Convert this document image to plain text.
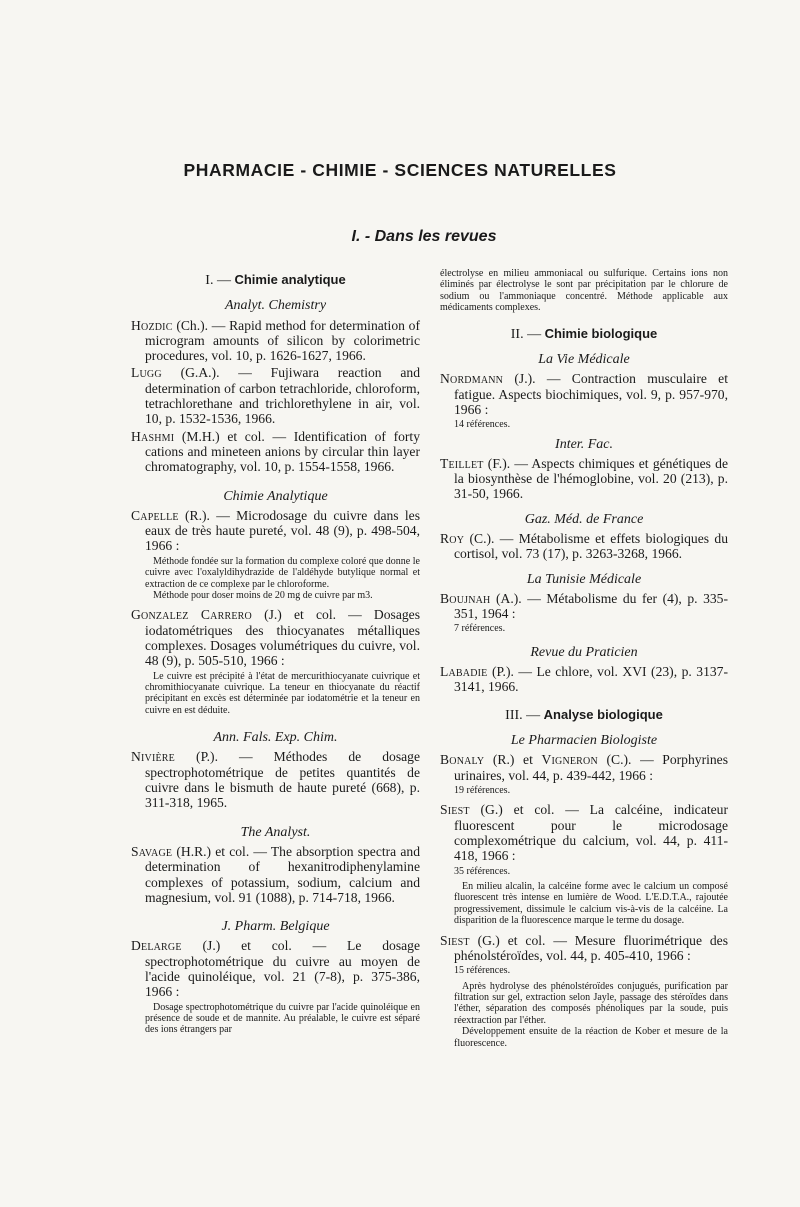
PHARMACIE - CHIMIE - SCIENCES NATURELLES
I. - Dans les revues
I. — Chimie analytique
Analyt. Chemistry

Hozdic (Ch.). — Rapid method for determination of microgram amounts of silicon by colorimetric procedures, vol. 10, p. 1626-1627, 1966.

Lugg (G.A.). — Fujiwara reaction and determination of carbon tetrachloride, chloroform, tetrachlorethane and trichlorethylene in air, vol. 10, p. 1532-1536, 1966.

Hashmi (M.H.) et col. — Identification of forty cations and mineteen anions by circular thin layer chromatography, vol. 10, p. 1554-1558, 1966.

Chimie Analytique

Capelle (R.). — Microdosage du cuivre dans les eaux de très haute pureté, vol. 48 (9), p. 498-504, 1966 :

Méthode fondée sur la formation du complexe coloré que donne le cuivre avec l'oxalyldihydrazide de l'aldéhyde butylique normal et extraction de ce complexe par le chloroforme.

Méthode pour doser moins de 20 mg de cuivre par m3.

Gonzalez Carrero (J.) et col. — Dosages iodatométriques des thiocyanates métalliques complexes. Dosages volumétriques du cuivre, vol. 48 (9), p. 505-510, 1966 :

Le cuivre est précipité à l'état de mercurithiocyanate cuivrique et chromithiocyanate cuivrique. La teneur en thiocyanate du réactif précipitant en excès est déterminée par iodatométrie et la teneur en cuivre en est déduite.

Ann. Fals. Exp. Chim.

Nivière (P.). — Méthodes de dosage spectrophotométrique de petites quantités de cuivre dans le bismuth de haute pureté (668), p. 311-318, 1965.

The Analyst.

Savage (H.R.) et col. — The absorption spectra and determination of hexanitrodiphenylamine complexes of potassium, sodium, calcium and magnesium, vol. 91 (1088), p. 714-718, 1966.

J. Pharm. Belgique

Delarge (J.) et col. — Le dosage spectrophotométrique du cuivre au moyen de l'acide quinoléique, vol. 21 (7-8), p. 375-386, 1966 :

Dosage spectrophotométrique du cuivre par l'acide quinoléique en présence de soude et de mannite. Au préalable, le cuivre est séparé des ions étrangers par

électrolyse en milieu ammoniacal ou sulfurique. Certains ions non éliminés par électrolyse le sont par précipitation par le chlorure de sodium ou l'ammoniaque concentré. Méthode applicable aux médicaments complexes.
II. — Chimie biologique
La Vie Médicale

Nordmann (J.). — Contraction musculaire et fatigue. Aspects biochimiques, vol. 9, p. 957-970, 1966 :

14 références.

Inter. Fac.

Teillet (F.). — Aspects chimiques et génétiques de la biosynthèse de l'hémoglobine, vol. 20 (213), p. 31-50, 1966.

Gaz. Méd. de France

Roy (C.). — Métabolisme et effets biologiques du cortisol, vol. 73 (17), p. 3263-3268, 1966.

La Tunisie Médicale

Boujnah (A.). — Métabolisme du fer (4), p. 335-351, 1964 :

7 références.

Revue du Praticien

Labadie (P.). — Le chlore, vol. XVI (23), p. 3137-3141, 1966.

III. — Analyse biologique
Le Pharmacien Biologiste

Bonaly (R.) et Vigneron (C.). — Porphyrines urinaires, vol. 44, p. 439-442, 1966 :

19 références.

Siest (G.) et col. — La calcéine, indicateur fluorescent pour le microdosage complexométrique du calcium, vol. 44, p. 411-418, 1966 :

35 références.

En milieu alcalin, la calcéine forme avec le calcium un composé fluorescent très intense en lumière de Wood. L'E.D.T.A., rajoutée progressivement, dissimule le calcium vis-à-vis de la calcéine. La disparition de la fluorescence marque le terme du dosage.

Siest (G.) et col. — Mesure fluorimétrique des phénolstéroïdes, vol. 44, p. 405-410, 1966 :

15 références.

Après hydrolyse des phénolstéroïdes conjugués, purification par filtration sur gel, extraction selon Jayle, passage des stéroïdes dans l'éther, séparation des composés phénoliques par la soude, puis réextraction par l'éther.

Développement ensuite de la réaction de Kober et mesure de la fluorescence.
